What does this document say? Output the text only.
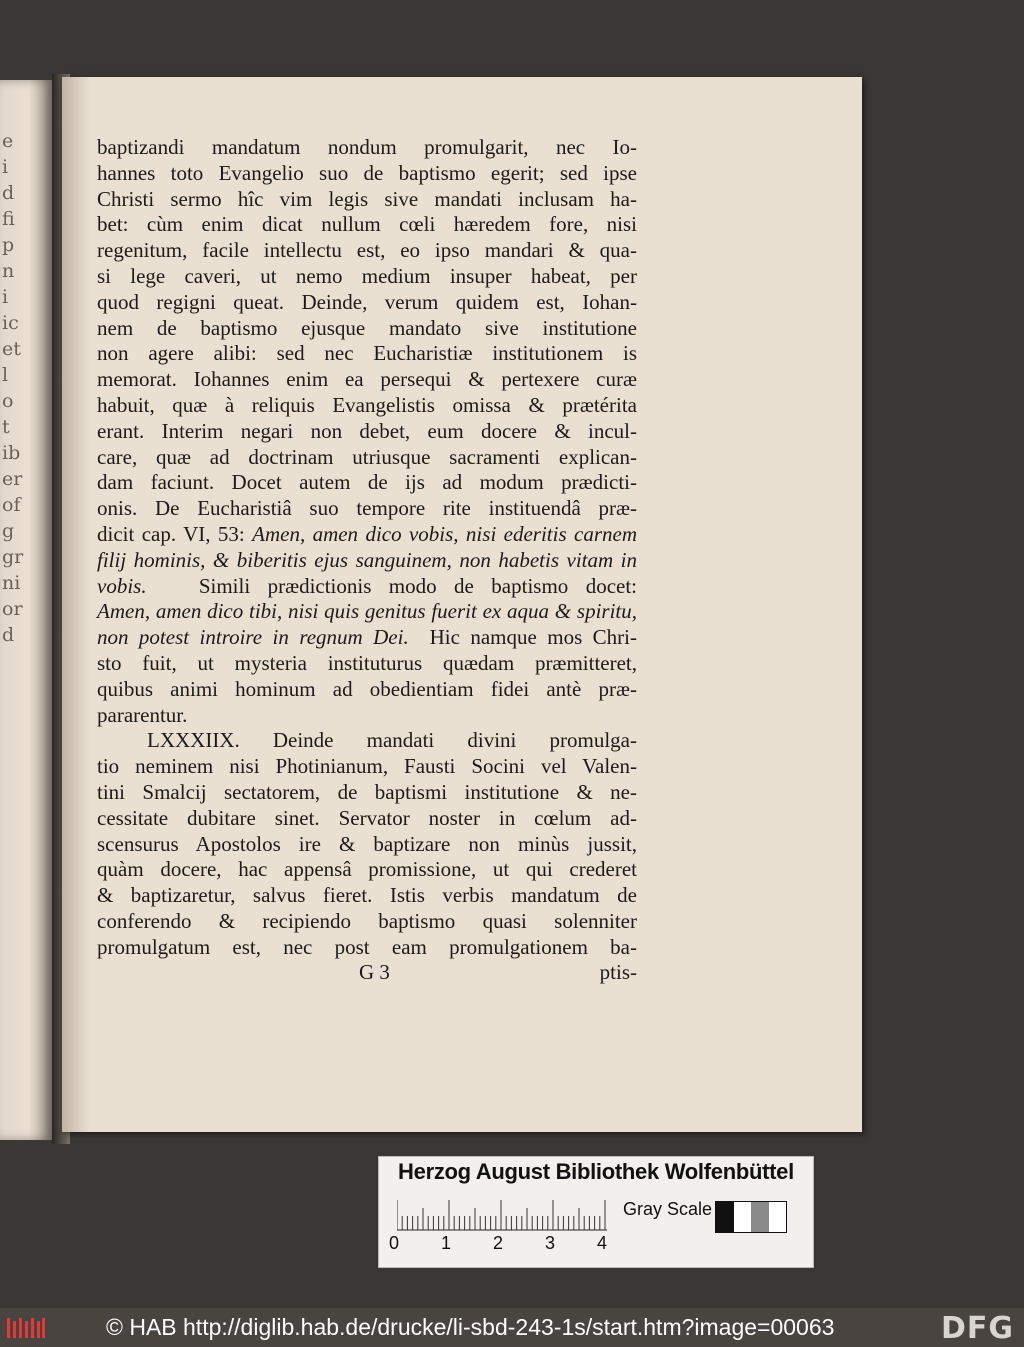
e
i
d
fi
p
n
i
ic
et
l
o
t
ib
er
of
g
gr
ni
or
d
baptizandi mandatum nondum promulgarit, nec Io-
hannes toto Evangelio suo de baptismo egerit; sed ipse
Christi sermo hîc vim legis sive mandati inclusam ha-
bet: cùm enim dicat nullum cœli hæredem fore, nisi
regenitum, facile intellectu est, eo ipso mandari & qua-
si lege caveri, ut nemo medium insuper habeat, per
quod regigni queat. Deinde, verum quidem est, Iohan-
nem de baptismo ejusque mandato sive institutione
non agere alibi: sed nec Eucharistiæ institutionem is
memorat. Iohannes enim ea persequi & pertexere curæ
habuit, quæ à reliquis Evangelistis omissa & prætérita
erant. Interim negari non debet, eum docere & incul-
care, quæ ad doctrinam utriusque sacramenti explican-
dam faciunt. Docet autem de ijs ad modum prædicti-
onis. De Eucharistiâ suo tempore rite instituendâ præ-
dicit cap. VI, 53: Amen, amen dico vobis, nisi ederitis carnem
filij hominis, & biberitis ejus sanguinem, non habetis vitam in
vobis. Simili prædictionis modo de baptismo docet:
Amen, amen dico tibi, nisi quis genitus fuerit ex aqua & spiritu,
non potest introire in regnum Dei. Hic namque mos Chri-
sto fuit, ut mysteria instituturus quædam præmitteret,
quibus animi hominum ad obedientiam fidei antè præ-
pararentur.
LXXXIIX. Deinde mandati divini promulga-
tio neminem nisi Photinianum, Fausti Socini vel Valen-
tini Smalcij sectatorem, de baptismi institutione & ne-
cessitate dubitare sinet. Servator noster in cœlum ad-
scensurus Apostolos ire & baptizare non minùs jussit,
quàm docere, hac appensâ promissione, ut qui crederet
& baptizaretur, salvus fieret. Istis verbis mandatum de
conferendo & recipiendo baptismo quasi solenniter
promulgatum est, nec post eam promulgationem ba-
G 3	ptis-
Herzog August Bibliothek Wolfenbüttel
0 1 2 3 4
Gray Scale
© HAB http://diglib.hab.de/drucke/li-sbd-243-1s/start.htm?image=00063	DFG
